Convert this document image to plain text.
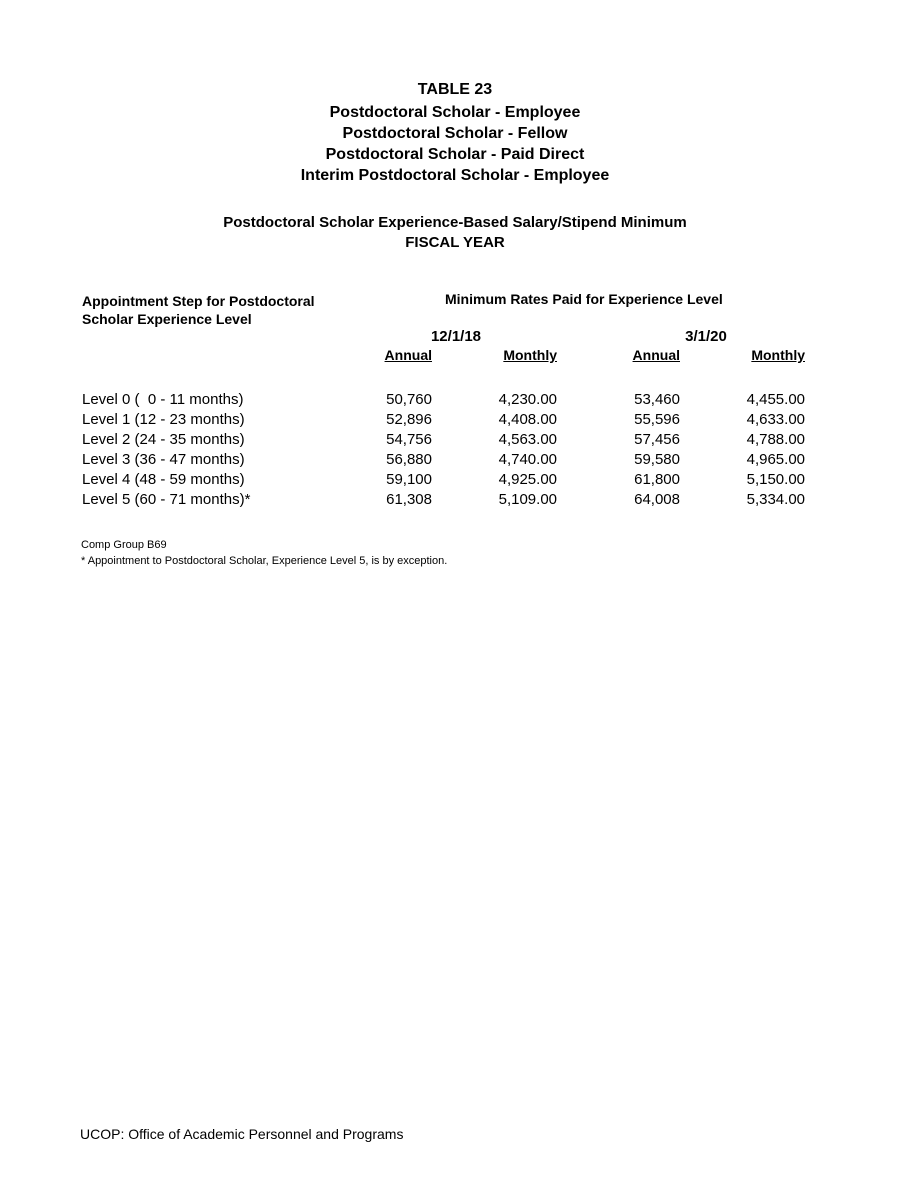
TABLE 23
Postdoctoral Scholar - Employee
Postdoctoral Scholar - Fellow
Postdoctoral Scholar - Paid Direct
Interim Postdoctoral Scholar - Employee
Postdoctoral Scholar Experience-Based Salary/Stipend Minimum
FISCAL YEAR
Appointment Step for Postdoctoral
Scholar Experience Level
Minimum Rates Paid for Experience Level
12/1/18	3/1/20
	Annual	Monthly	Annual	Monthly

Level 0 (  0 - 11 months)	50,760	4,230.00	53,460	4,455.00
Level 1 (12 - 23 months)	52,896	4,408.00	55,596	4,633.00
Level 2 (24 - 35 months)	54,756	4,563.00	57,456	4,788.00
Level 3 (36 - 47 months)	56,880	4,740.00	59,580	4,965.00
Level 4 (48 - 59 months)	59,100	4,925.00	61,800	5,150.00
Level 5 (60 - 71 months)*	61,308	5,109.00	64,008	5,334.00
Comp Group B69
* Appointment to Postdoctoral Scholar, Experience Level 5, is by exception.
UCOP: Office of Academic Personnel and Programs
